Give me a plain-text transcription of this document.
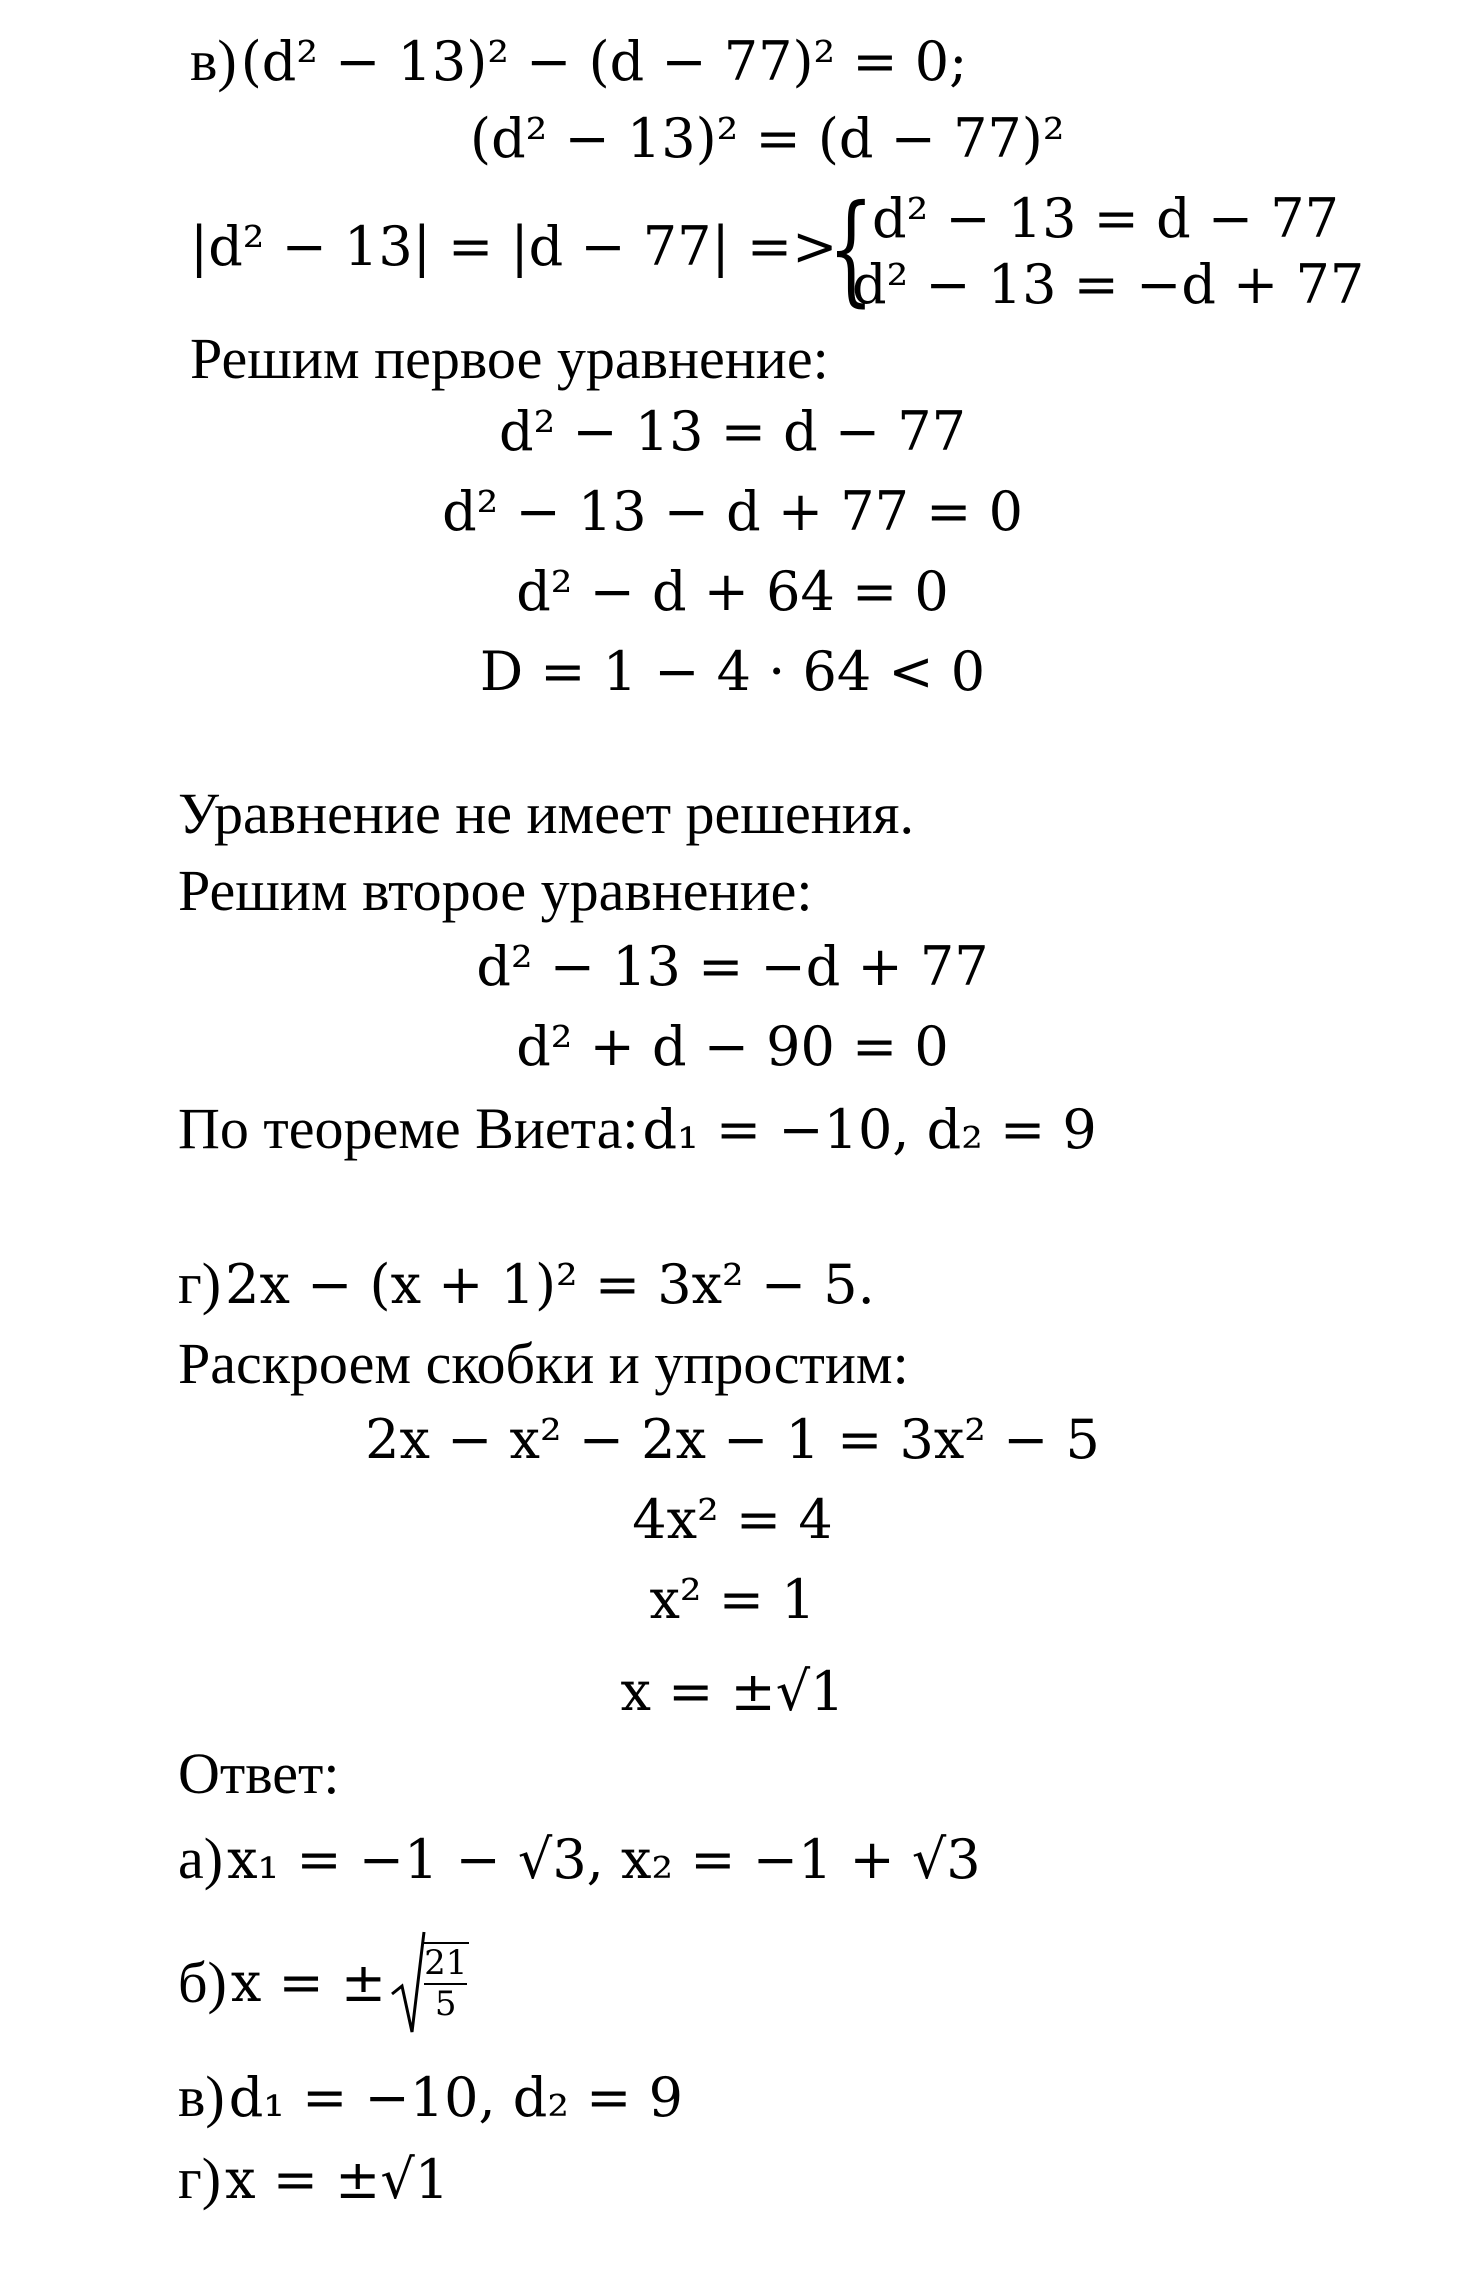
в) (d² − 13)² − (d − 77)² = 0;
(d² − 13)² = (d − 77)²
|d² − 13| = |d − 77| =>
{
d² − 13 = d − 77
d² − 13 = −d + 77
Решим первое уравнение:
d² − 13 = d − 77
d² − 13 − d + 77 = 0
d² − d + 64 = 0
D = 1 − 4 · 64 < 0
Уравнение не имеет решения.
Решим второе уравнение:
d² − 13 = −d + 77
d² + d − 90 = 0
По теореме Виета: d₁ = −10, d₂ = 9
г) 2x − (x + 1)² = 3x² − 5.
Раскроем скобки и упростим:
2x − x² − 2x − 1 = 3x² − 5
4x² = 4
x² = 1
x = ±√1
Ответ:
а) x₁ = −1 − √3, x₂ = −1 + √3
б) x = ± $\frac{21}{5}$
в) d₁ = −10, d₂ = 9
г) x = ±√1
